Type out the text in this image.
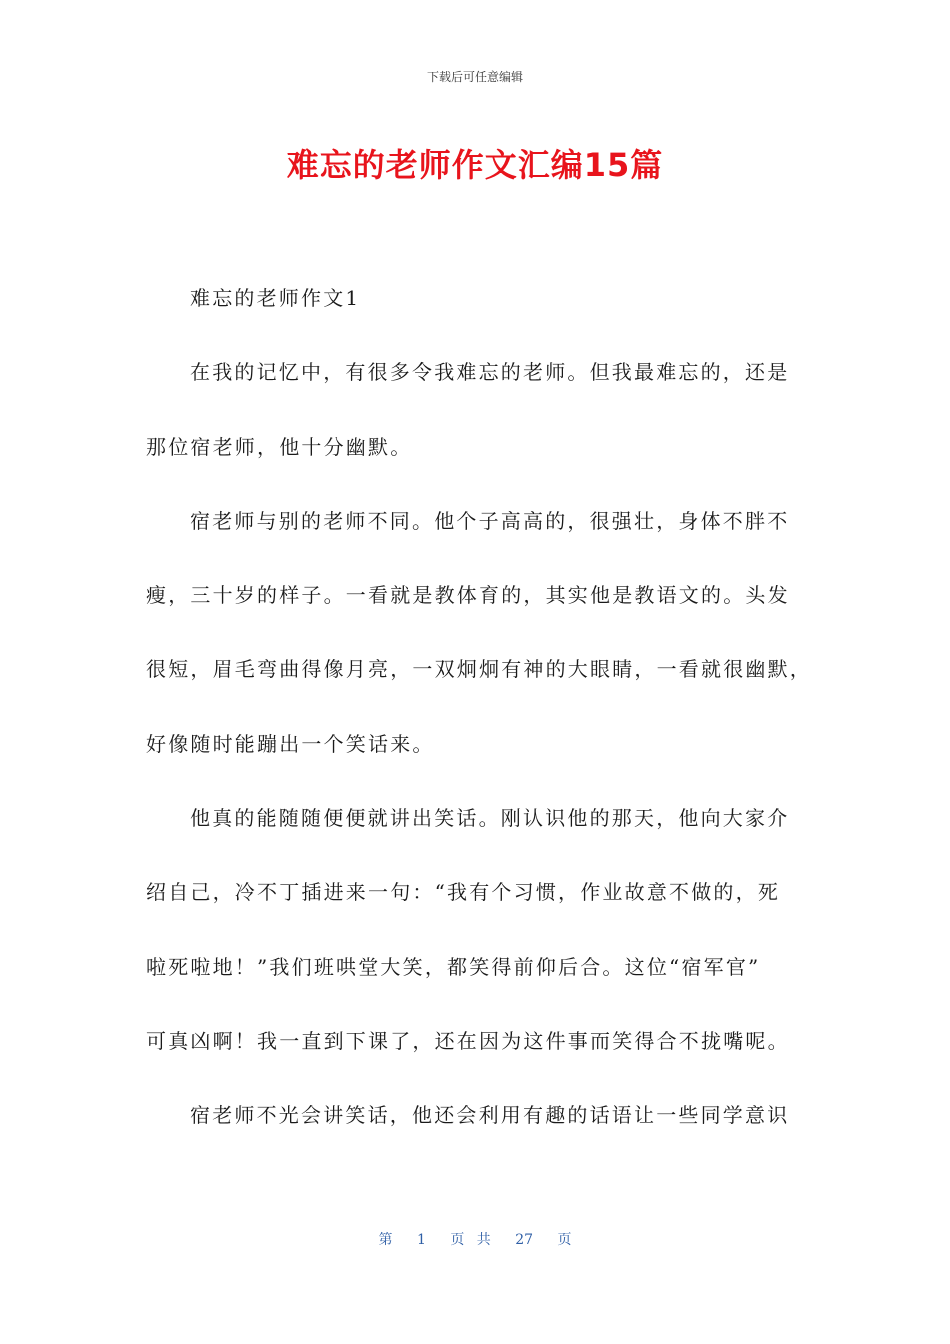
下载后可任意编辑
难忘的老师作文汇编15篇
难忘的老师作文1
在我的记忆中，有很多令我难忘的老师。但我最难忘的，还是
那位宿老师，他十分幽默。
宿老师与别的老师不同。他个子高高的，很强壮，身体不胖不
瘦，三十岁的样子。一看就是教体育的，其实他是教语文的。头发
很短，眉毛弯曲得像月亮，一双炯炯有神的大眼睛，一看就很幽默，
好像随时能蹦出一个笑话来。
他真的能随随便便就讲出笑话。刚认识他的那天，他向大家介
绍自己，冷不丁插进来一句：“我有个习惯，作业故意不做的，死
啦死啦地！”我们班哄堂大笑，都笑得前仰后合。这位“宿军官”
可真凶啊！我一直到下课了，还在因为这件事而笑得合不拢嘴呢。
宿老师不光会讲笑话，他还会利用有趣的话语让一些同学意识
第 1 页 共 27 页
